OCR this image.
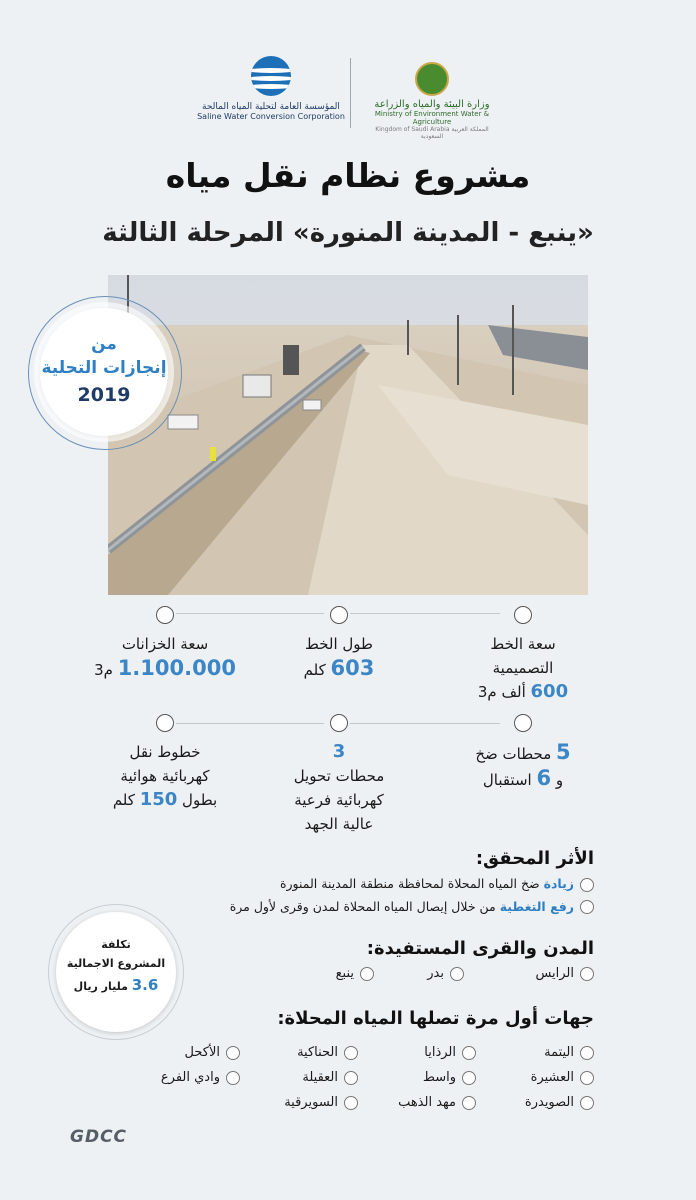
المؤسسة العامة لتحلية المياه المالحة
Saline Water Conversion Corporation
وزارة البيئة والمياه والزراعة
Ministry of Environment Water & Agriculture
Kingdom of Saudi Arabia المملكة العربية السعودية
مشروع نظام نقل مياه
«ينبع - المدينة المنورة» المرحلة الثالثة
من
إنجازات التحلية
2019
سعة الخط
التصميمية
600 ألف م3
طول الخط
603 كلم
سعة الخزانات
1.100.000 م3
5 محطات ضخ
و 6 استقبال
3
محطات تحويل
كهربائية فرعية
عالية الجهد
خطوط نقل
كهربائية هوائية
بطول 150 كلم
الأثر المحقق:
زيادة ضخ المياه المحلاة لمحافظة منطقة المدينة المنورة
رفع التغطية من خلال إيصال المياه المحلاة لمدن وقرى لأول مرة
المدن والقرى المستفيدة:
الرايس
بدر
ينبع
جهات أول مرة تصلها المياه المحلاة:
اليتمة
الرذايا
الحناكية
الأكحل
العشيرة
واسط
العقيلة
وادي الفرع
الصويدرة
مهد الذهب
السويرقية
تكلفة
المشروع الاجمالية
3.6 مليار ريال
GDCC
